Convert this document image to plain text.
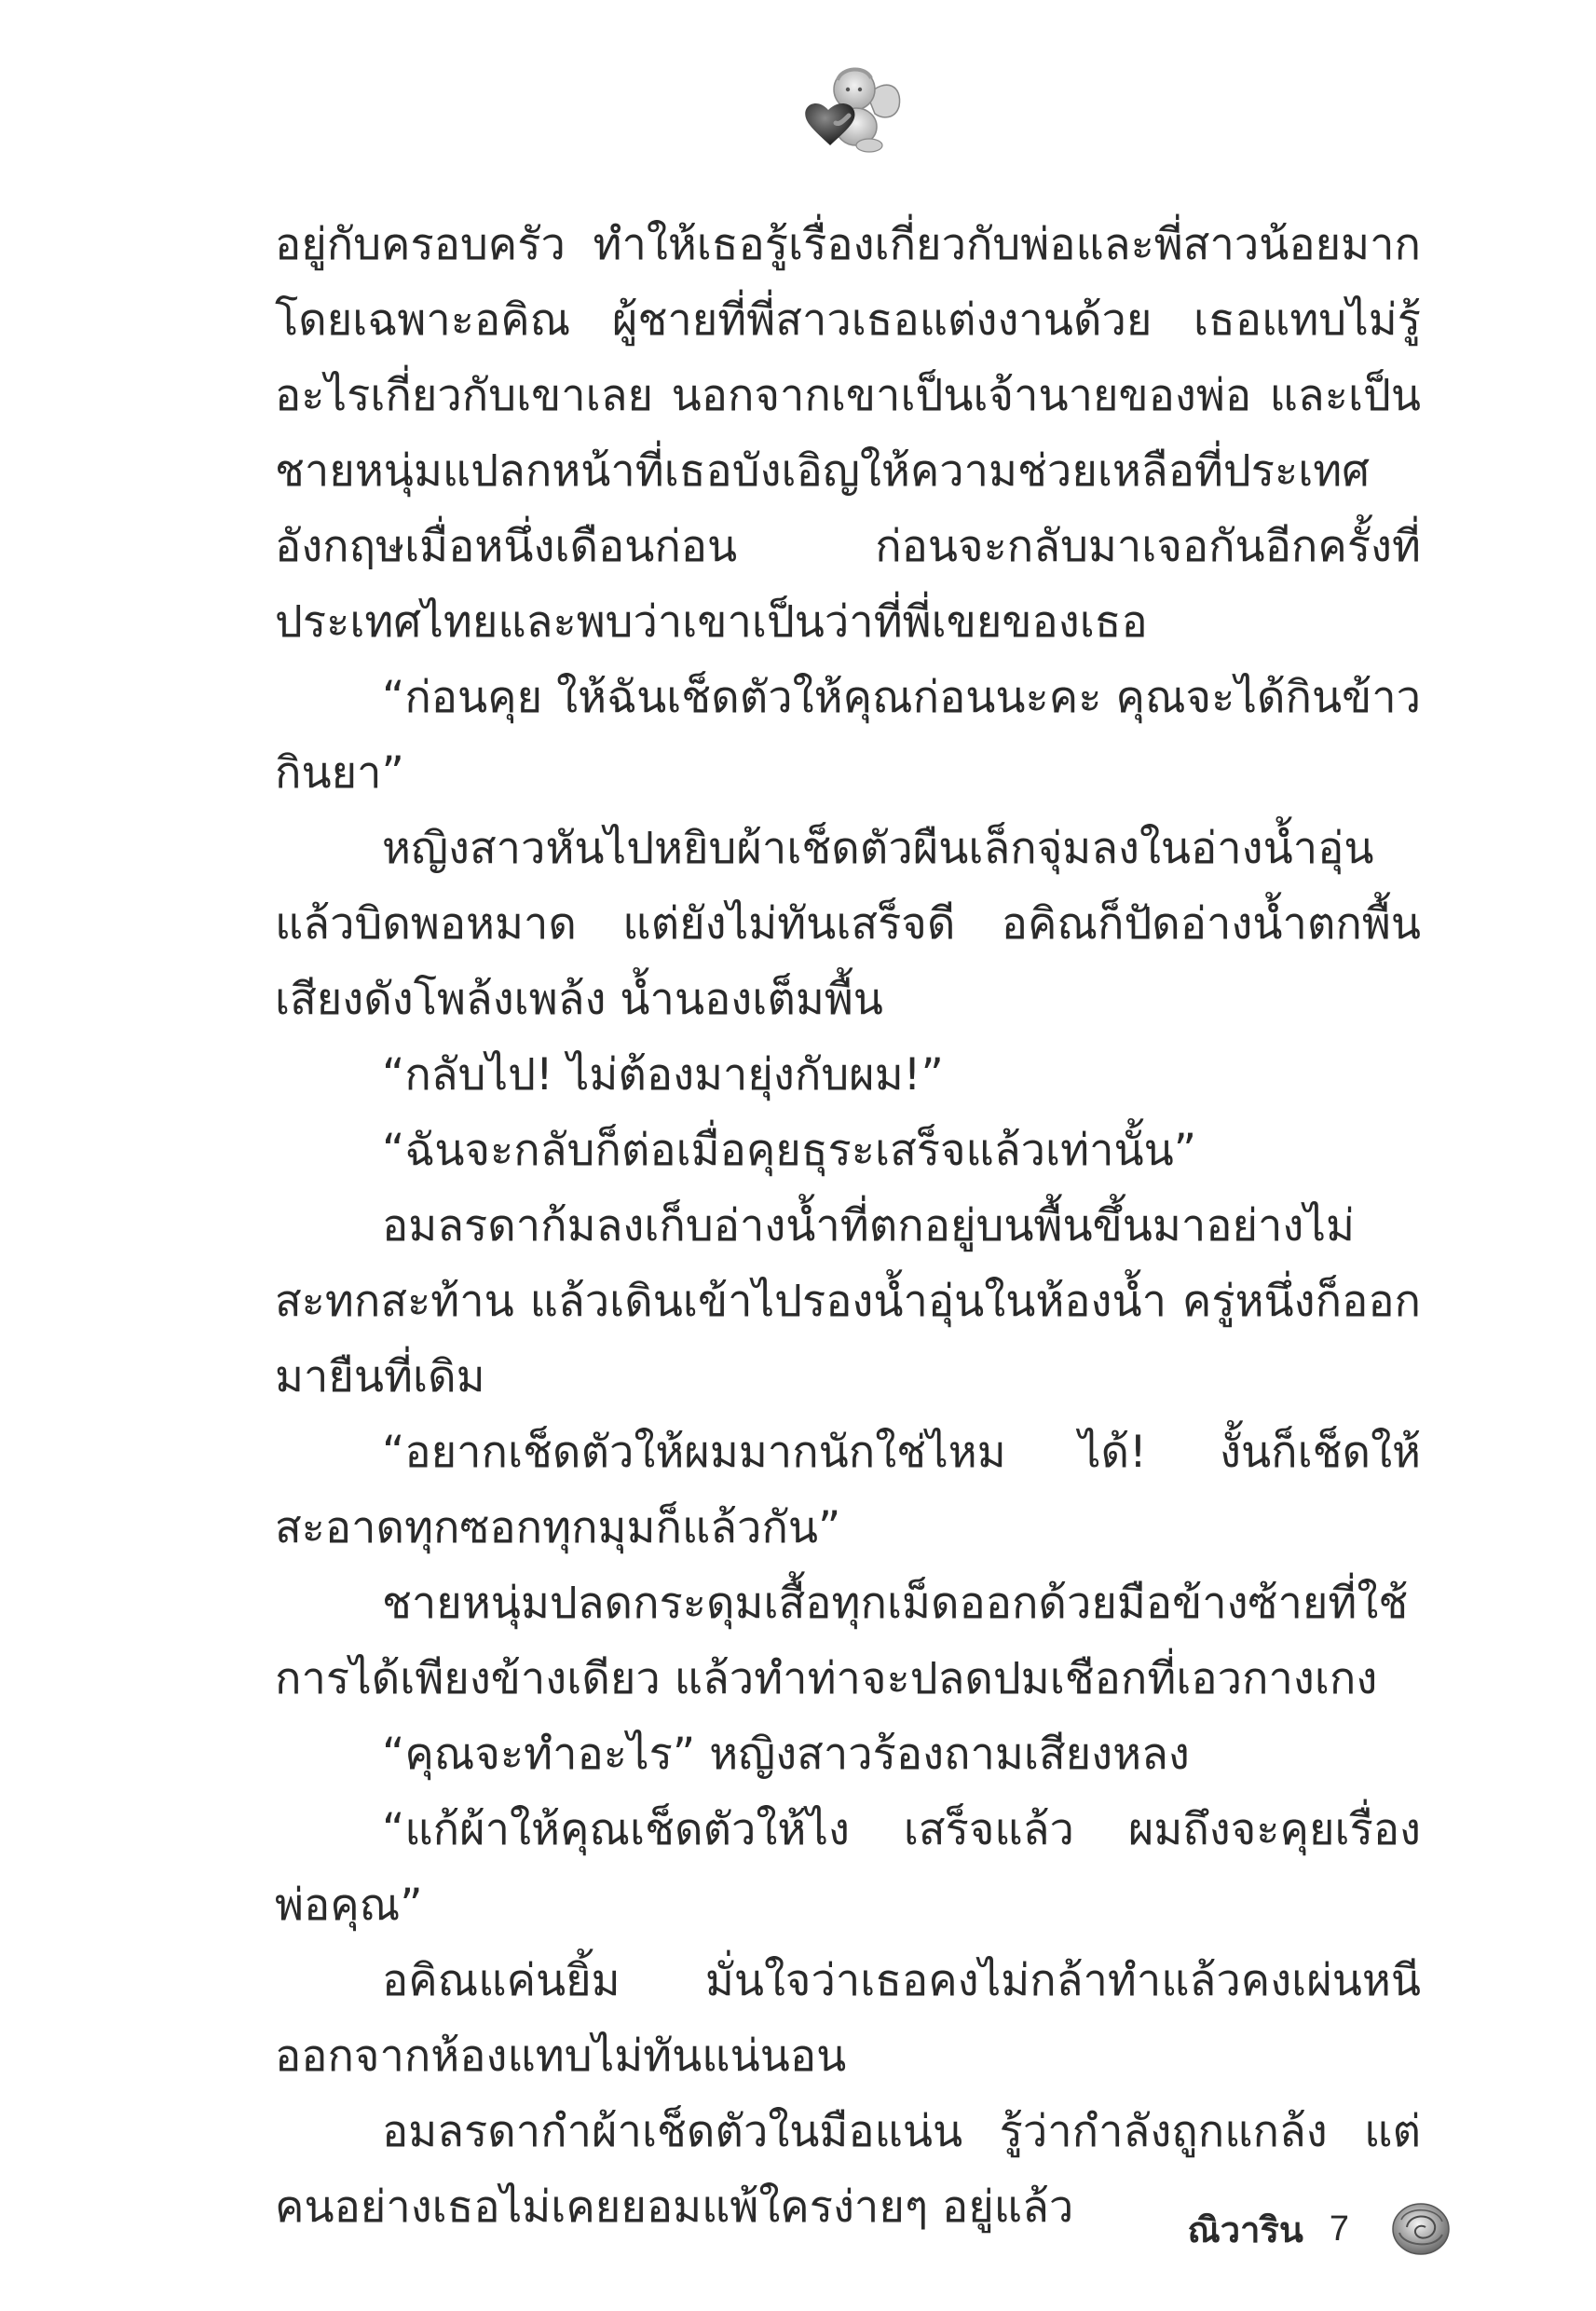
อยู่กับครอบครัว ทำให้เธอรู้เรื่องเกี่ยวกับพ่อและพี่สาวน้อยมาก โดยเฉพาะอคิณ ผู้ชายที่พี่สาวเธอแต่งงานด้วย เธอแทบไม่รู้อะไรเกี่ยวกับเขาเลย นอกจากเขาเป็นเจ้านายของพ่อ และเป็นชายหนุ่มแปลกหน้าที่เธอบังเอิญให้ความช่วยเหลือที่ประเทศอังกฤษเมื่อหนึ่งเดือนก่อน ก่อนจะกลับมาเจอกันอีกครั้งที่ประเทศไทยและพบว่าเขาเป็นว่าที่พี่เขยของเธอ

“ก่อนคุย ให้ฉันเช็ดตัวให้คุณก่อนนะคะ คุณจะได้กินข้าวกินยา”

หญิงสาวหันไปหยิบผ้าเช็ดตัวผืนเล็กจุ่มลงในอ่างน้ำอุ่นแล้วบิดพอหมาด แต่ยังไม่ทันเสร็จดี อคิณก็ปัดอ่างน้ำตกพื้น เสียงดังโพล้งเพล้ง น้ำนองเต็มพื้น

“กลับไป! ไม่ต้องมายุ่งกับผม!”

“ฉันจะกลับก็ต่อเมื่อคุยธุระเสร็จแล้วเท่านั้น”

อมลรดาก้มลงเก็บอ่างน้ำที่ตกอยู่บนพื้นขึ้นมาอย่างไม่สะทกสะท้าน แล้วเดินเข้าไปรองน้ำอุ่นในห้องน้ำ ครู่หนึ่งก็ออกมายืนที่เดิม

“อยากเช็ดตัวให้ผมมากนักใช่ไหม ได้! งั้นก็เช็ดให้สะอาดทุกซอกทุกมุมก็แล้วกัน”

ชายหนุ่มปลดกระดุมเสื้อทุกเม็ดออกด้วยมือข้างซ้ายที่ใช้การได้เพียงข้างเดียว แล้วทำท่าจะปลดปมเชือกที่เอวกางเกง

“คุณจะทำอะไร” หญิงสาวร้องถามเสียงหลง

“แก้ผ้าให้คุณเช็ดตัวให้ไง เสร็จแล้ว ผมถึงจะคุยเรื่องพ่อคุณ”

อคิณแค่นยิ้ม มั่นใจว่าเธอคงไม่กล้าทำแล้วคงเผ่นหนีออกจากห้องแทบไม่ทันแน่นอน

อมลรดากำผ้าเช็ดตัวในมือแน่น รู้ว่ากำลังถูกแกล้ง แต่คนอย่างเธอไม่เคยยอมแพ้ใครง่ายๆ อยู่แล้ว	ณิวาริน 7
